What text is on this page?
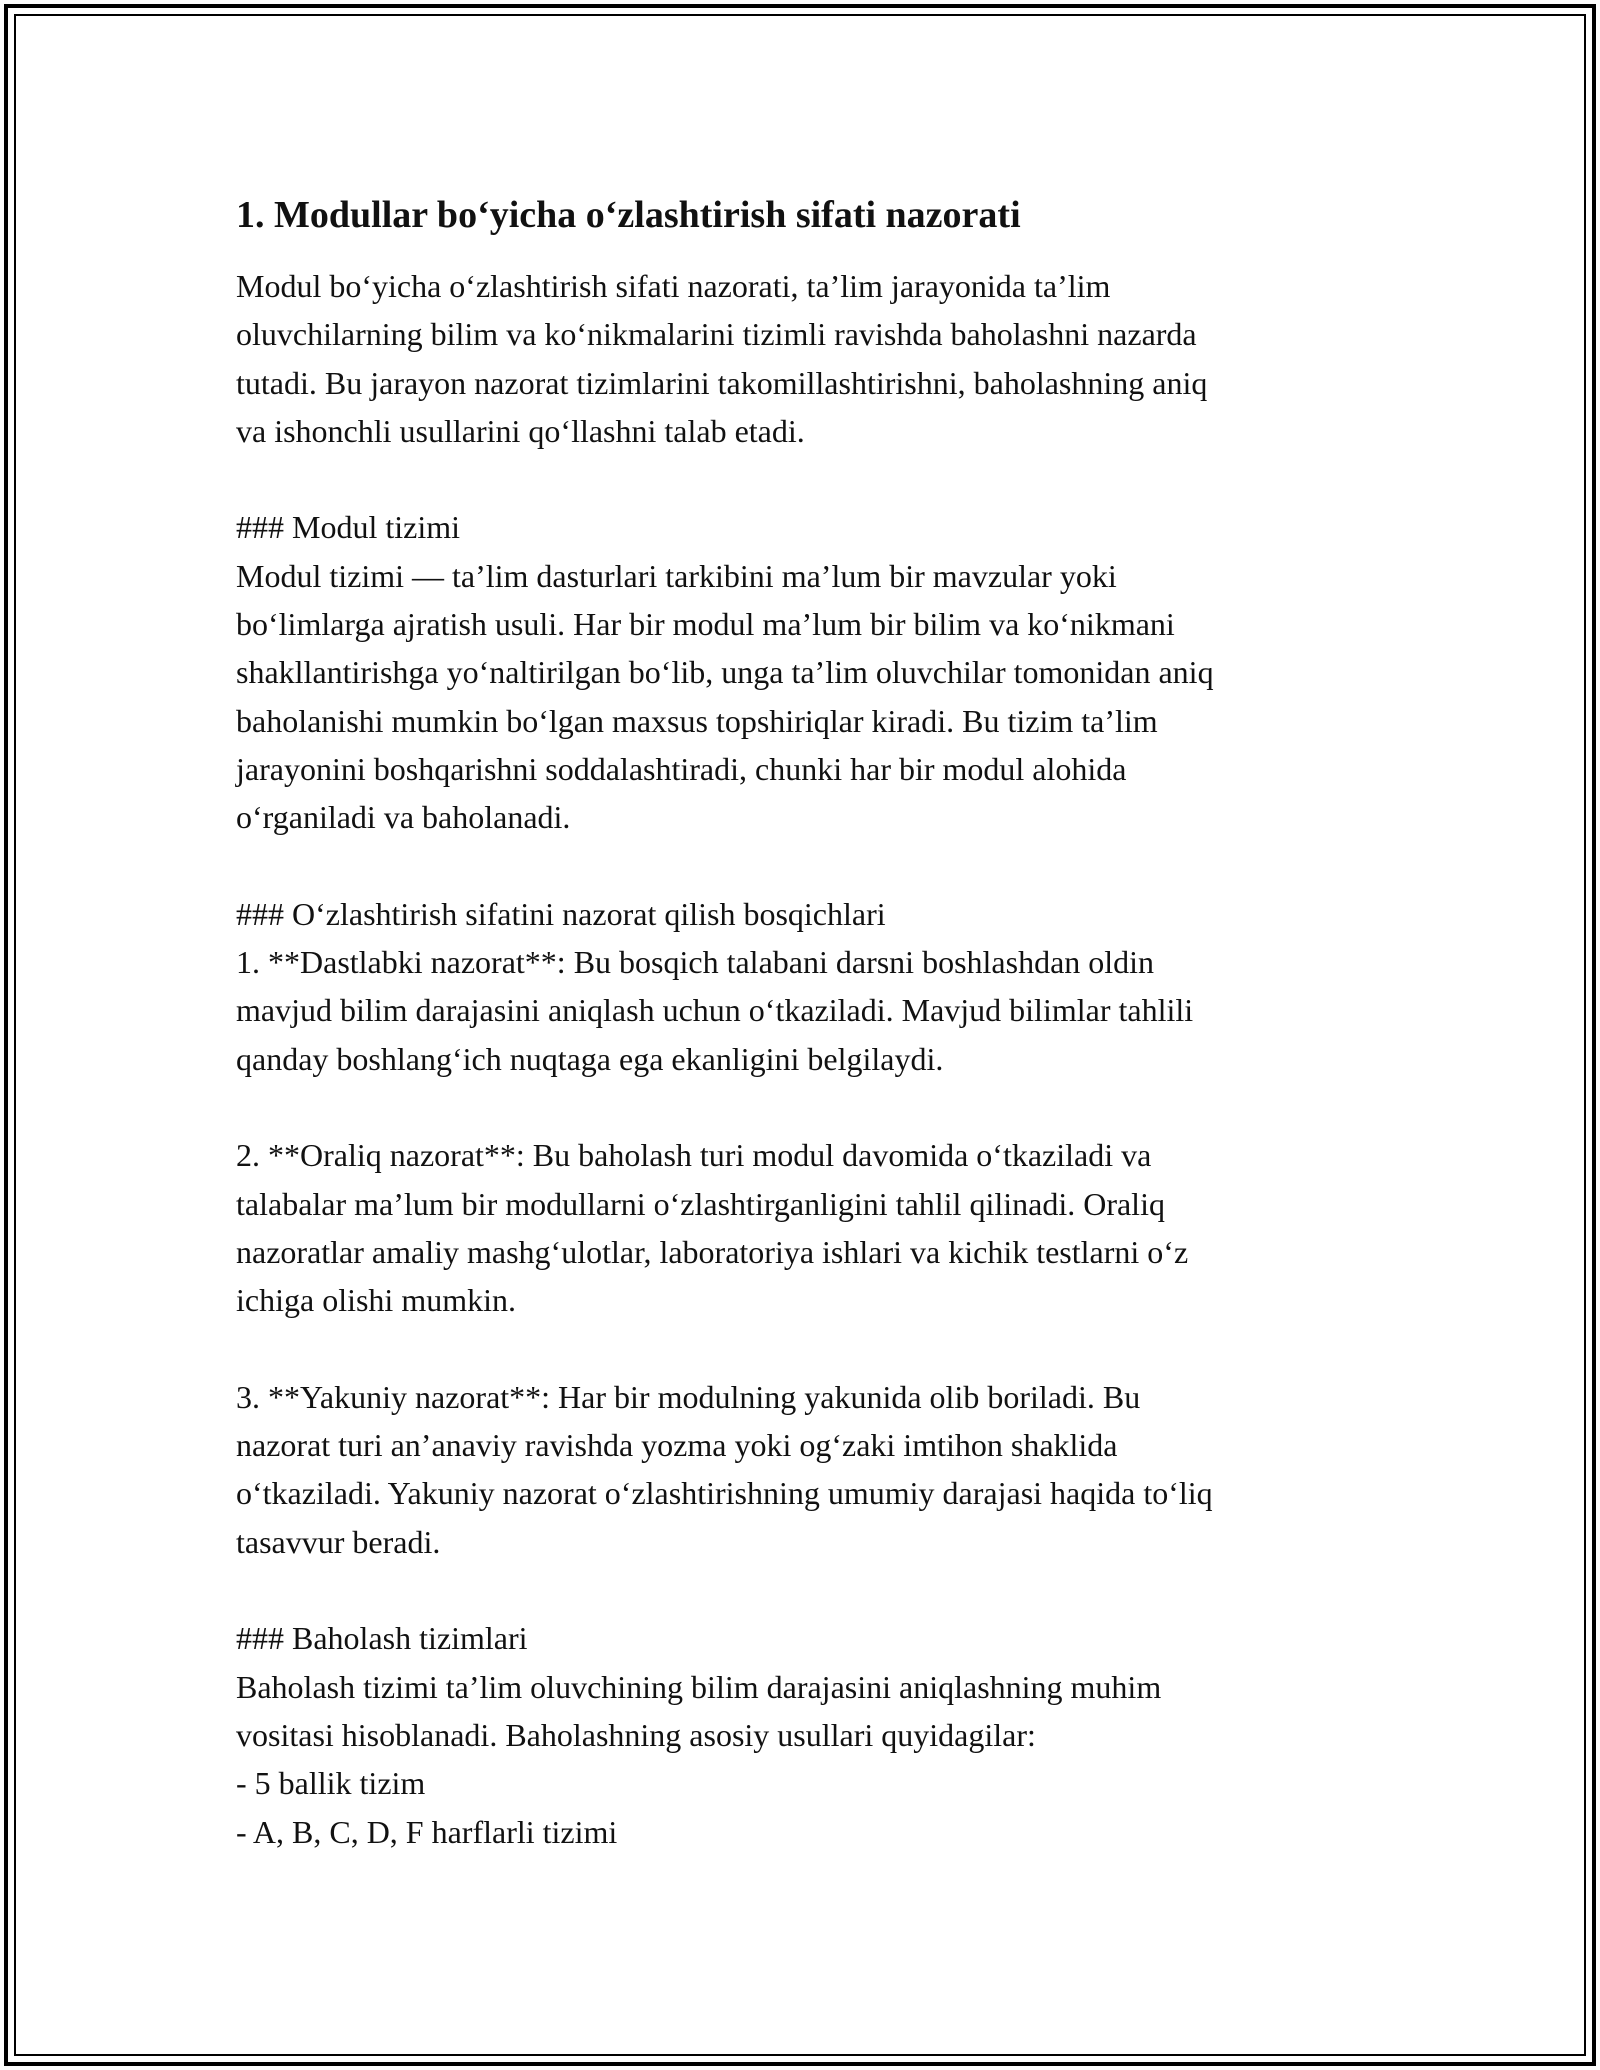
1. Modullar bo‘yicha o‘zlashtirish sifati nazorati

Modul bo‘yicha o‘zlashtirish sifati nazorati, ta’lim jarayonida ta’lim
oluvchilarning bilim va ko‘nikmalarini tizimli ravishda baholashni nazarda
tutadi. Bu jarayon nazorat tizimlarini takomillashtirishni, baholashning aniq
va ishonchli usullarini qo‘llashni talab etadi.

### Modul tizimi
Modul tizimi — ta’lim dasturlari tarkibini ma’lum bir mavzular yoki
bo‘limlarga ajratish usuli. Har bir modul ma’lum bir bilim va ko‘nikmani
shakllantirishga yo‘naltirilgan bo‘lib, unga ta’lim oluvchilar tomonidan aniq
baholanishi mumkin bo‘lgan maxsus topshiriqlar kiradi. Bu tizim ta’lim
jarayonini boshqarishni soddalashtiradi, chunki har bir modul alohida
o‘rganiladi va baholanadi.

### O‘zlashtirish sifatini nazorat qilish bosqichlari
1. **Dastlabki nazorat**: Bu bosqich talabani darsni boshlashdan oldin
mavjud bilim darajasini aniqlash uchun o‘tkaziladi. Mavjud bilimlar tahlili
qanday boshlang‘ich nuqtaga ega ekanligini belgilaydi.

2. **Oraliq nazorat**: Bu baholash turi modul davomida o‘tkaziladi va
talabalar ma’lum bir modullarni o‘zlashtirganligini tahlil qilinadi. Oraliq
nazoratlar amaliy mashg‘ulotlar, laboratoriya ishlari va kichik testlarni o‘z
ichiga olishi mumkin.

3. **Yakuniy nazorat**: Har bir modulning yakunida olib boriladi. Bu
nazorat turi an’anaviy ravishda yozma yoki og‘zaki imtihon shaklida
o‘tkaziladi. Yakuniy nazorat o‘zlashtirishning umumiy darajasi haqida to‘liq
tasavvur beradi.

### Baholash tizimlari
Baholash tizimi ta’lim oluvchining bilim darajasini aniqlashning muhim
vositasi hisoblanadi. Baholashning asosiy usullari quyidagilar:
- 5 ballik tizim
- A, B, C, D, F harflarli tizimi
